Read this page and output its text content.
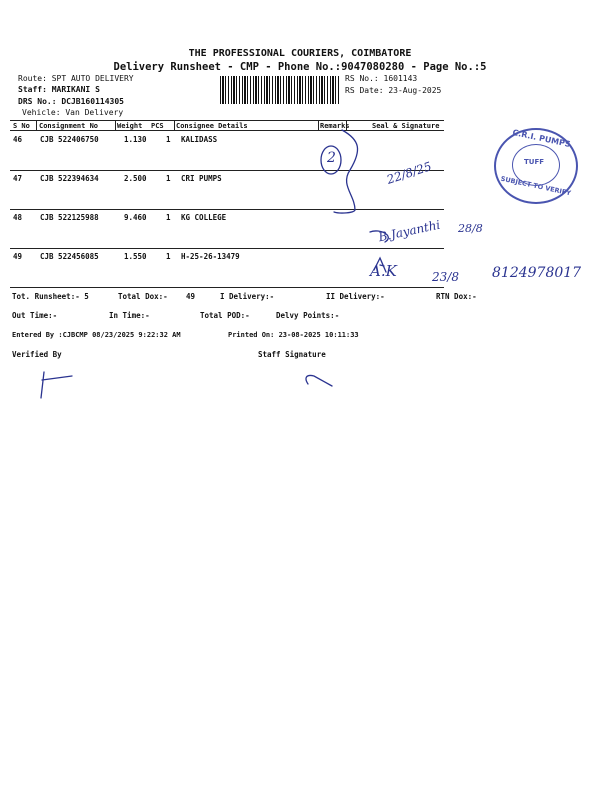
THE PROFESSIONAL COURIERS, COIMBATORE
Delivery Runsheet - CMP - Phone No.:9047080280 - Page No.:5
Route: SPT AUTO DELIVERY
Staff: MARIKANI S
DRS No.: DCJB160114305
Vehicle: Van Delivery
RS No.: 1601143
RS Date: 23-Aug-2025
S No Consignment No	Weight PCS Consignee Details	Remarks	Seal & Signature
46 CJB 522406750	1.130	1 KALIDASS
47 CJB 522394634	2.500	1 CRI PUMPS
48 CJB 522125988	9.460	1 KG COLLEGE
49 CJB 522456085	1.550	1 H-25-26-13479
Tot. Runsheet:- 5	Total Dox:- 49	I Delivery:-	II Delivery:-	RTN Dox:-
Out Time:-	In Time:-	Total POD:-	Delvy Points:-
Entered By :CJBCMP 08/23/2025 9:22:32 AM	Printed On: 23-08-2025 10:11:33
Verified By	Staff Signature
2
22/8/25
B.Jayanthi 28/8
A.K	23/8 8124978017
C.R.I. PUMPS
TUFF
SUBJECT TO VERIFY
